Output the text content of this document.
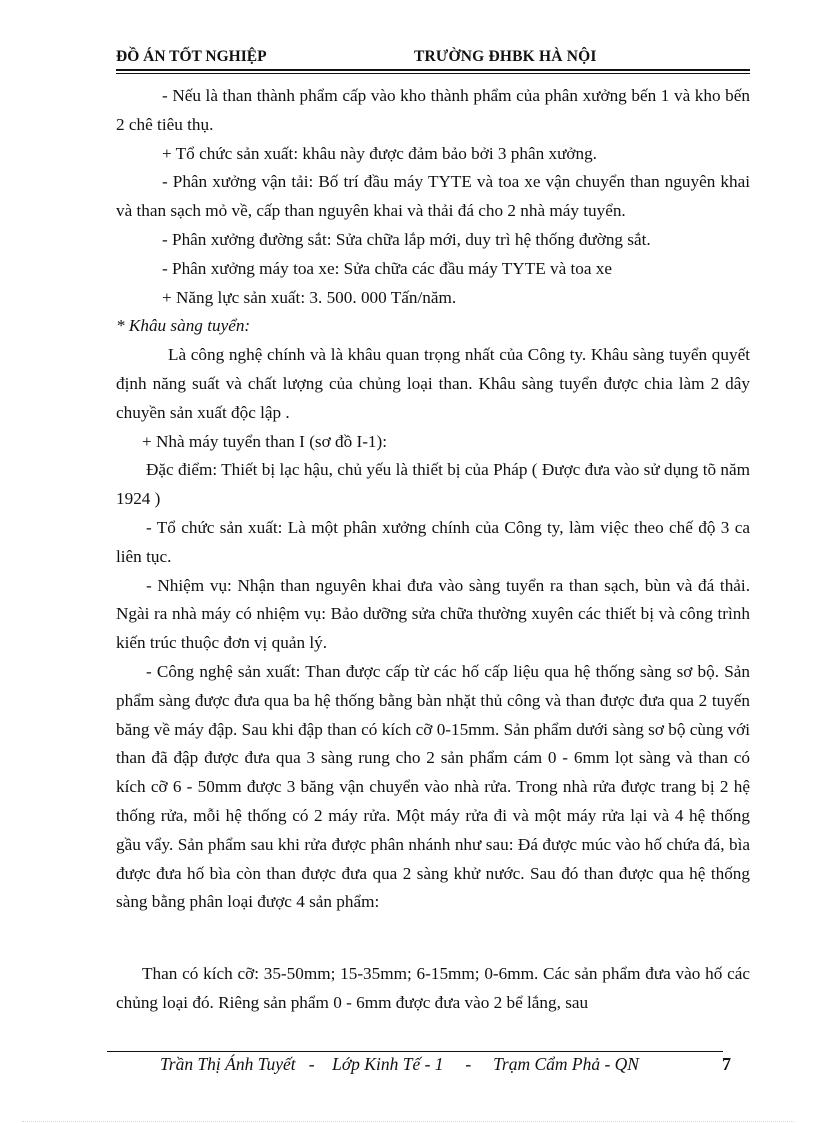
ĐỒ ÁN TỐT NGHIỆP	TRƯỜNG ĐHBK HÀ NỘI

- Nếu là than thành phẩm cấp vào kho thành phẩm của phân xưởng bến 1 và kho bến 2 chê tiêu thụ.

+ Tổ chức sản xuất: khâu này được đảm bảo bởi 3 phân xưởng.

- Phân xưởng vận tải: Bố trí đầu máy TYTE và toa xe vận chuyển than nguyên khai và than sạch mỏ về, cấp than nguyên khai và thải đá cho 2 nhà máy tuyển.

- Phân xưởng đường sắt: Sửa chữa lắp mới, duy trì hệ thống đường sắt.

- Phân xưởng máy toa xe: Sửa chữa các đầu máy TYTE và toa xe

+ Năng lực sản xuất: 3. 500. 000 Tấn/năm.

* Khâu sàng tuyển:

Là công nghệ chính và là khâu quan trọng nhất của Công ty. Khâu sàng tuyển quyết định năng suất và chất lượng của chủng loại than. Khâu sàng tuyển được chia làm 2 dây chuyền sản xuất độc lập .

+ Nhà máy tuyển than I (sơ đồ I-1):

Đặc điểm: Thiết bị lạc hậu, chủ yếu là thiết bị của Pháp ( Được đưa vào sử dụng tõ năm 1924 )

- Tổ chức sản xuất: Là một phân xưởng chính của Công ty, làm việc theo chế độ 3 ca liên tục.

- Nhiệm vụ: Nhận than nguyên khai đưa vào sàng tuyển ra than sạch, bùn và đá thải. Ngài ra nhà máy có nhiệm vụ: Bảo dưỡng sửa chữa thường xuyên các thiết bị và công trình kiến trúc thuộc đơn vị quản lý.

- Công nghệ sản xuất: Than được cấp từ các hố cấp liệu qua hệ thống sàng sơ bộ. Sản phẩm sàng được đưa qua ba hệ thống bằng bàn nhặt thủ công và than được đưa qua 2 tuyến băng về máy đập. Sau khi đập than có kích cỡ 0-15mm. Sản phẩm dưới sàng sơ bộ cùng với than đã đập được đưa qua 3 sàng rung cho 2 sản phẩm cám 0 - 6mm lọt sàng và than có kích cỡ 6 - 50mm được 3 băng vận chuyển vào nhà rửa. Trong nhà rửa được trang bị 2 hệ thống rửa, mỗi hệ thống có 2 máy rửa. Một máy rửa đi và một máy rửa lại và 4 hệ thống gầu vẩy. Sản phẩm sau khi rửa được phân nhánh như sau: Đá được múc vào hố chứa đá, bìa được đưa hố bìa còn than được đưa qua 2 sàng khử nước. Sau đó than được qua hệ thống sàng bằng phân loại được 4 sản phẩm:

Than có kích cỡ: 35-50mm; 15-35mm; 6-15mm; 0-6mm. Các sản phẩm đưa vào hố các chủng loại đó. Riêng sản phẩm 0 - 6mm được đưa vào 2 bể lắng, sau

Trần Thị Ánh Tuyết - Lớp Kinh Tế - 1 - Trạm Cẩm Phả - QN	7
